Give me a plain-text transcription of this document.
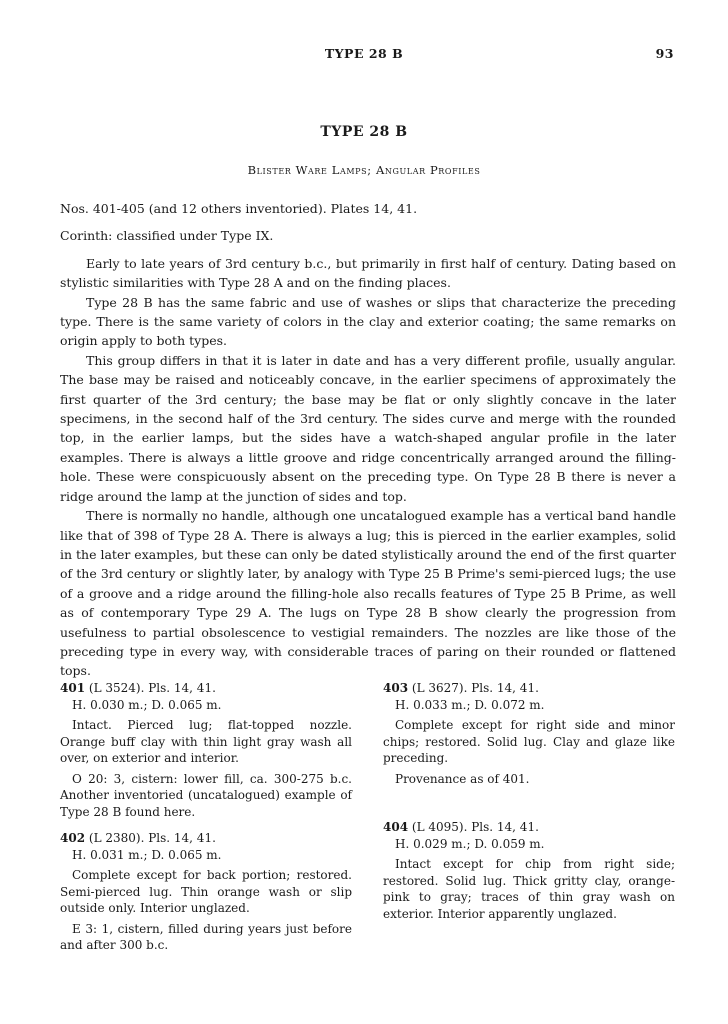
TYPE 28 B	93
TYPE 28 B
Blister Ware Lamps; Angular Profiles

Nos. 401-405 (and 12 others inventoried). Plates 14, 41.

Corinth: classified under Type IX.

Early to late years of 3rd century b.c., but primarily in first half of century. Dating based on stylistic similarities with Type 28 A and on the finding places.

Type 28 B has the same fabric and use of washes or slips that characterize the preceding type. There is the same variety of colors in the clay and exterior coating; the same remarks on origin apply to both types.

This group differs in that it is later in date and has a very different profile, usually angular. The base may be raised and noticeably concave, in the earlier specimens of approximately the first quarter of the 3rd century; the base may be flat or only slightly concave in the later specimens, in the second half of the 3rd century. The sides curve and merge with the rounded top, in the earlier lamps, but the sides have a watch-shaped angular profile in the later examples. There is always a little groove and ridge concentrically arranged around the filling-hole. These were conspicuously absent on the preceding type. On Type 28 B there is never a ridge around the lamp at the junction of sides and top.

There is normally no handle, although one uncatalogued example has a vertical band handle like that of 398 of Type 28 A. There is always a lug; this is pierced in the earlier examples, solid in the later examples, but these can only be dated stylistically around the end of the first quarter of the 3rd century or slightly later, by analogy with Type 25 B Prime's semi-pierced lugs; the use of a groove and a ridge around the filling-hole also recalls features of Type 25 B Prime, as well as of contemporary Type 29 A. The lugs on Type 28 B show clearly the progression from usefulness to partial obsolescence to vestigial remainders. The nozzles are like those of the preceding type in every way, with considerable traces of paring on their rounded or flattened tops.

401 (L 3524). Pls. 14, 41.

H. 0.030 m.; D. 0.065 m.

Intact. Pierced lug; flat-topped nozzle. Orange buff clay with thin light gray wash all over, on exterior and interior.

O 20: 3, cistern: lower fill, ca. 300-275 b.c. Another inventoried (uncatalogued) example of Type 28 B found here.

402 (L 2380). Pls. 14, 41.

H. 0.031 m.; D. 0.065 m.

Complete except for back portion; restored. Semi-pierced lug. Thin orange wash or slip outside only. Interior unglazed.

E 3: 1, cistern, filled during years just before and after 300 b.c.

403 (L 3627). Pls. 14, 41.

H. 0.033 m.; D. 0.072 m.

Complete except for right side and minor chips; restored. Solid lug. Clay and glaze like preceding.

Provenance as of 401.

404 (L 4095). Pls. 14, 41.

H. 0.029 m.; D. 0.059 m.

Intact except for chip from right side; restored. Solid lug. Thick gritty clay, orange-pink to gray; traces of thin gray wash on exterior. Interior apparently unglazed.
